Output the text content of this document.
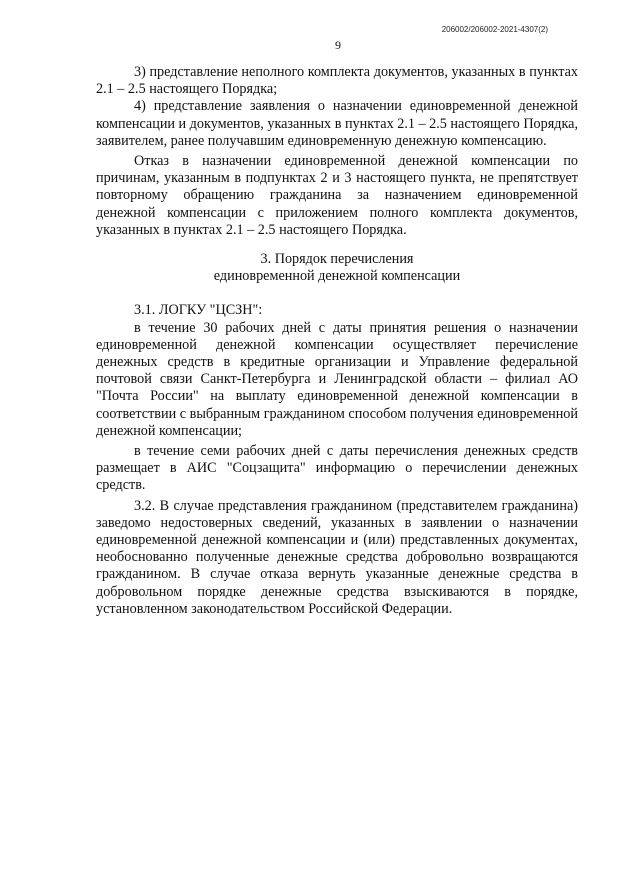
206002/206002-2021-4307(2)
9

3) представление неполного комплекта документов, указанных в пунктах 2.1 – 2.5 настоящего Порядка;

4) представление заявления о назначении единовременной денежной компенсации и документов, указанных в пунктах 2.1 – 2.5 настоящего Порядка, заявителем, ранее получавшим единовременную денежную компенсацию.

Отказ в назначении единовременной денежной компенсации по причинам, указанным в подпунктах 2 и 3 настоящего пункта, не препятствует повторному обращению гражданина за назначением единовременной денежной компенсации с приложением полного комплекта документов, указанных в пунктах 2.1 – 2.5 настоящего Порядка.

3. Порядок перечисления

единовременной денежной компенсации

3.1. ЛОГКУ "ЦСЗН":

в течение 30 рабочих дней с даты принятия решения о назначении единовременной денежной компенсации осуществляет перечисление денежных средств в кредитные организации и Управление федеральной почтовой связи Санкт-Петербурга и Ленинградской области – филиал АО "Почта России" на выплату единовременной денежной компенсации в соответствии с выбранным гражданином способом получения единовременной денежной компенсации;

в течение семи рабочих дней с даты перечисления денежных средств размещает в АИС "Соцзащита" информацию о перечислении денежных средств.

3.2. В случае представления гражданином (представителем гражданина) заведомо недостоверных сведений, указанных в заявлении о назначении единовременной денежной компенсации и (или) представленных документах, необоснованно полученные денежные средства добровольно возвращаются гражданином. В случае отказа вернуть указанные денежные средства в добровольном порядке денежные средства взыскиваются в порядке, установленном законодательством Российской Федерации.
